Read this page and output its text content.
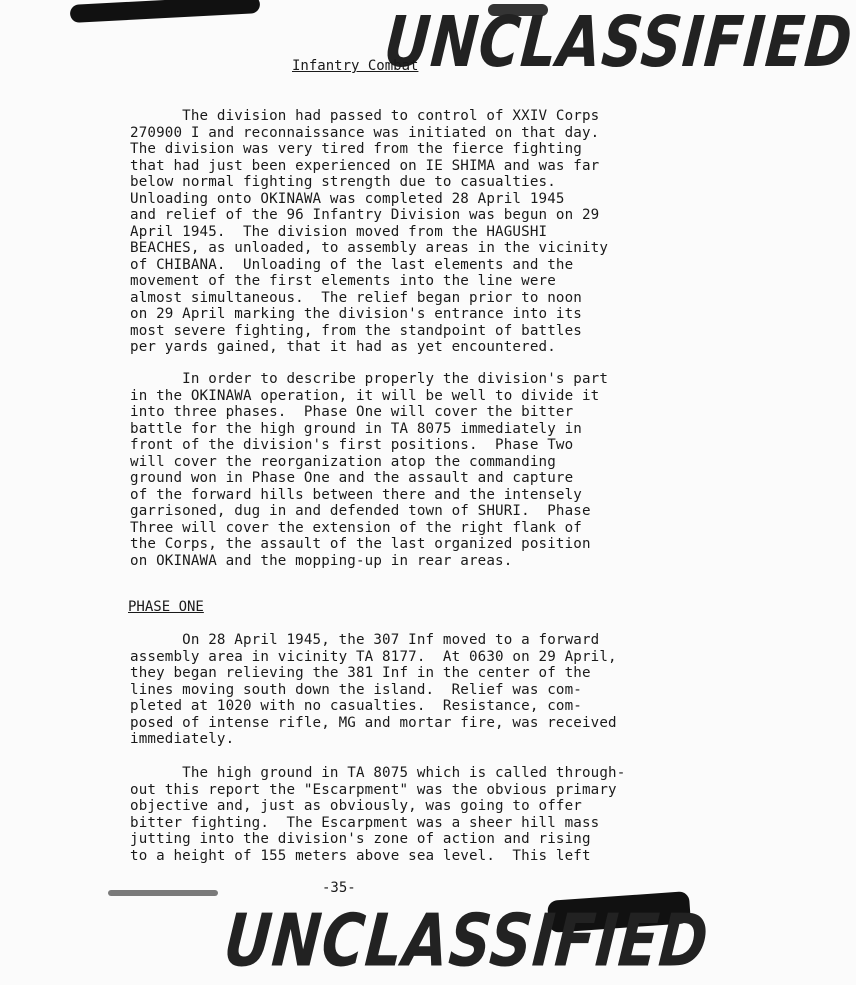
UNCLASSIFIED
Infantry Combat
The division had passed to control of XXIV Corps
270900 I and reconnaissance was initiated on that day.
The division was very tired from the fierce fighting
that had just been experienced on IE SHIMA and was far
below normal fighting strength due to casualties.
Unloading onto OKINAWA was completed 28 April 1945
and relief of the 96 Infantry Division was begun on 29
April 1945.  The division moved from the HAGUSHI
BEACHES, as unloaded, to assembly areas in the vicinity
of CHIBANA.  Unloading of the last elements and the
movement of the first elements into the line were
almost simultaneous.  The relief began prior to noon
on 29 April marking the division's entrance into its
most severe fighting, from the standpoint of battles
per yards gained, that it had as yet encountered.
In order to describe properly the division's part
in the OKINAWA operation, it will be well to divide it
into three phases.  Phase One will cover the bitter
battle for the high ground in TA 8075 immediately in
front of the division's first positions.  Phase Two
will cover the reorganization atop the commanding
ground won in Phase One and the assault and capture
of the forward hills between there and the intensely
garrisoned, dug in and defended town of SHURI.  Phase
Three will cover the extension of the right flank of
the Corps, the assault of the last organized position
on OKINAWA and the mopping-up in rear areas.
PHASE ONE
On 28 April 1945, the 307 Inf moved to a forward
assembly area in vicinity TA 8177.  At 0630 on 29 April,
they began relieving the 381 Inf in the center of the
lines moving south down the island.  Relief was com-
pleted at 1020 with no casualties.  Resistance, com-
posed of intense rifle, MG and mortar fire, was received
immediately.
The high ground in TA 8075 which is called through-
out this report the "Escarpment" was the obvious primary
objective and, just as obviously, was going to offer
bitter fighting.  The Escarpment was a sheer hill mass
jutting into the division's zone of action and rising
to a height of 155 meters above sea level.  This left
-35-
UNCLASSIFIED
